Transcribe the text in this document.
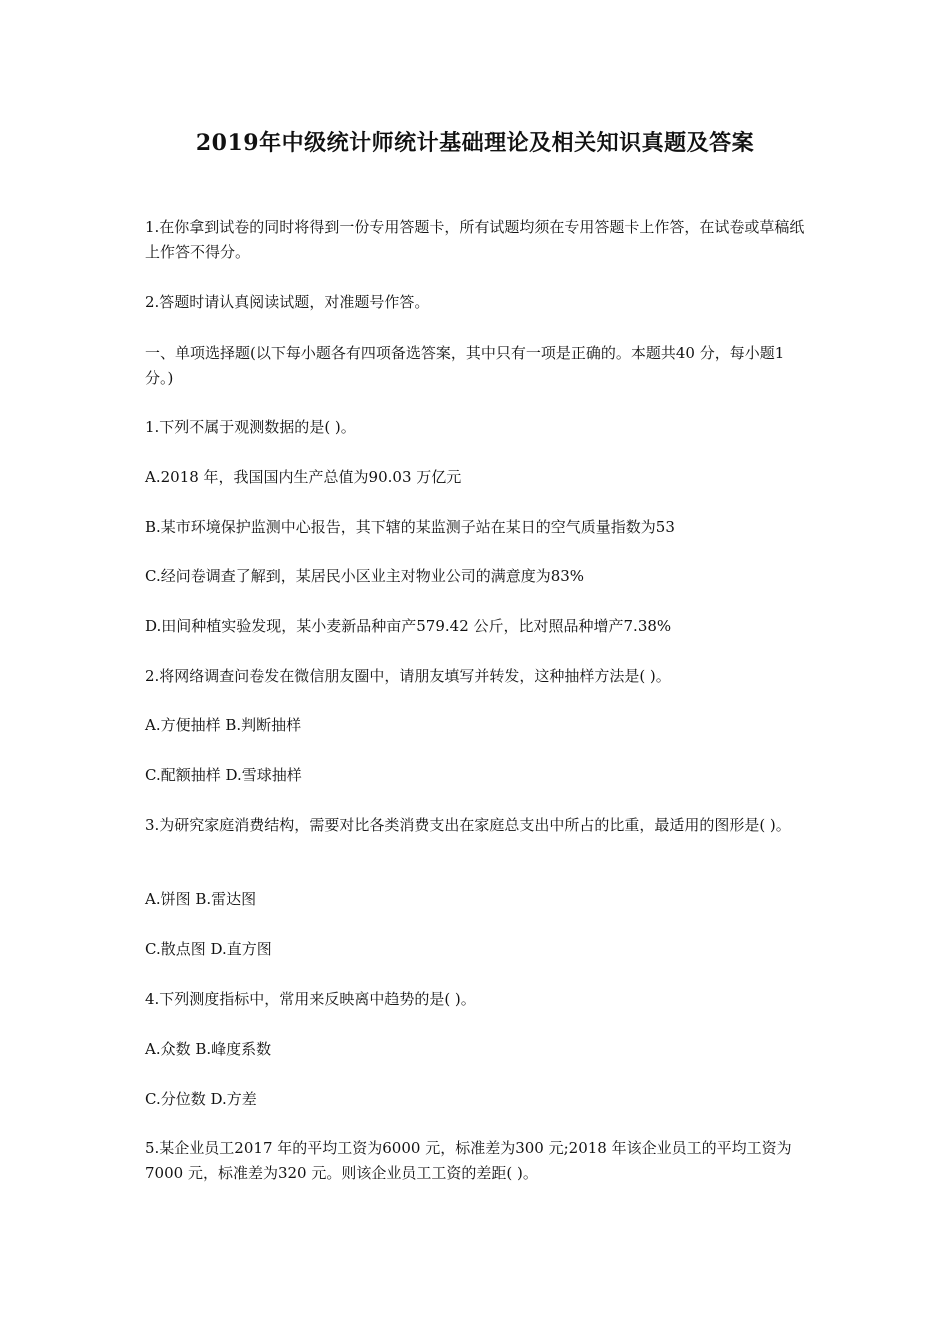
2019年中级统计师统计基础理论及相关知识真题及答案
1.在你拿到试卷的同时将得到一份专用答题卡，所有试题均须在专用答题卡上作答，在试卷或草稿纸上作答不得分。
2.答题时请认真阅读试题，对准题号作答。
一、单项选择题(以下每小题各有四项备选答案，其中只有一项是正确的。本题共40 分，每小题1 分。)
1.下列不属于观测数据的是( )。
A.2018 年，我国国内生产总值为90.03 万亿元
B.某市环境保护监测中心报告，其下辖的某监测子站在某日的空气质量指数为53
C.经问卷调查了解到，某居民小区业主对物业公司的满意度为83%
D.田间种植实验发现，某小麦新品种亩产579.42 公斤，比对照品种增产7.38%
2.将网络调查问卷发在微信朋友圈中，请朋友填写并转发，这种抽样方法是( )。
A.方便抽样 B.判断抽样
C.配额抽样 D.雪球抽样
3.为研究家庭消费结构，需要对比各类消费支出在家庭总支出中所占的比重，最适用的图形是( )。
A.饼图 B.雷达图
C.散点图 D.直方图
4.下列测度指标中，常用来反映离中趋势的是( )。
A.众数 B.峰度系数
C.分位数 D.方差
5.某企业员工2017 年的平均工资为6000 元，标准差为300 元;2018 年该企业员工的平均工资为7000 元，标准差为320 元。则该企业员工工资的差距( )。
